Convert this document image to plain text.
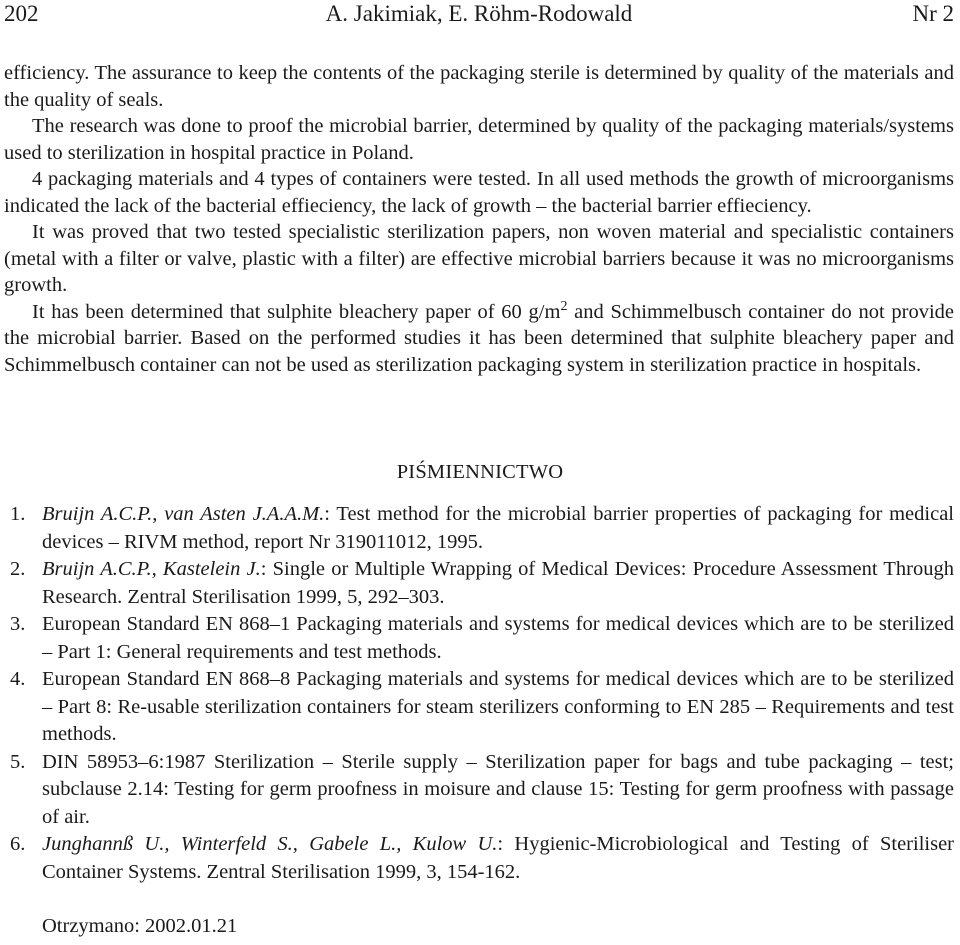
202	A. Jakimiak, E. Röhm-Rodowald	Nr 2

efficiency. The assurance to keep the contents of the packaging sterile is determined by quality of the materials and the quality of seals.

The research was done to proof the microbial barrier, determined by quality of the packaging materials/systems used to sterilization in hospital practice in Poland.

4 packaging materials and 4 types of containers were tested. In all used methods the growth of microorganisms indicated the lack of the bacterial effieciency, the lack of growth – the bacterial barrier effieciency.

It was proved that two tested specialistic sterilization papers, non woven material and specialistic containers (metal with a filter or valve, plastic with a filter) are effective microbial barriers because it was no microorganisms growth.

It has been determined that sulphite bleachery paper of 60 $g/m^2$ and Schimmelbusch container do not provide the microbial barrier. Based on the performed studies it has been determined that sulphite bleachery paper and Schimmelbusch container can not be used as sterilization packaging system in sterilization practice in hospitals.

PIŚMIENNICTWO
1. Bruijn A.C.P., van Asten J.A.A.M.: Test method for the microbial barrier properties of packaging for medical devices – RIVM method, report Nr 319011012, 1995.
2. Bruijn A.C.P., Kastelein J.: Single or Multiple Wrapping of Medical Devices: Procedure Assessment Through Research. Zentral Sterilisation 1999, 5, 292–303.
3. European Standard EN 868–1 Packaging materials and systems for medical devices which are to be sterilized – Part 1: General requirements and test methods.
4. European Standard EN 868–8 Packaging materials and systems for medical devices which are to be sterilized – Part 8: Re-usable sterilization containers for steam sterilizers conforming to EN 285 – Requirements and test methods.
5. DIN 58953–6:1987 Sterilization – Sterile supply – Sterilization paper for bags and tube packaging – test; subclause 2.14: Testing for germ proofness in moisure and clause 15: Testing for germ proofness with passage of air.
6. Junghannß U., Winterfeld S., Gabele L., Kulow U.: Hygienic-Microbiological and Testing of Steriliser Container Systems. Zentral Sterilisation 1999, 3, 154-162.
Otrzymano: 2002.01.21
